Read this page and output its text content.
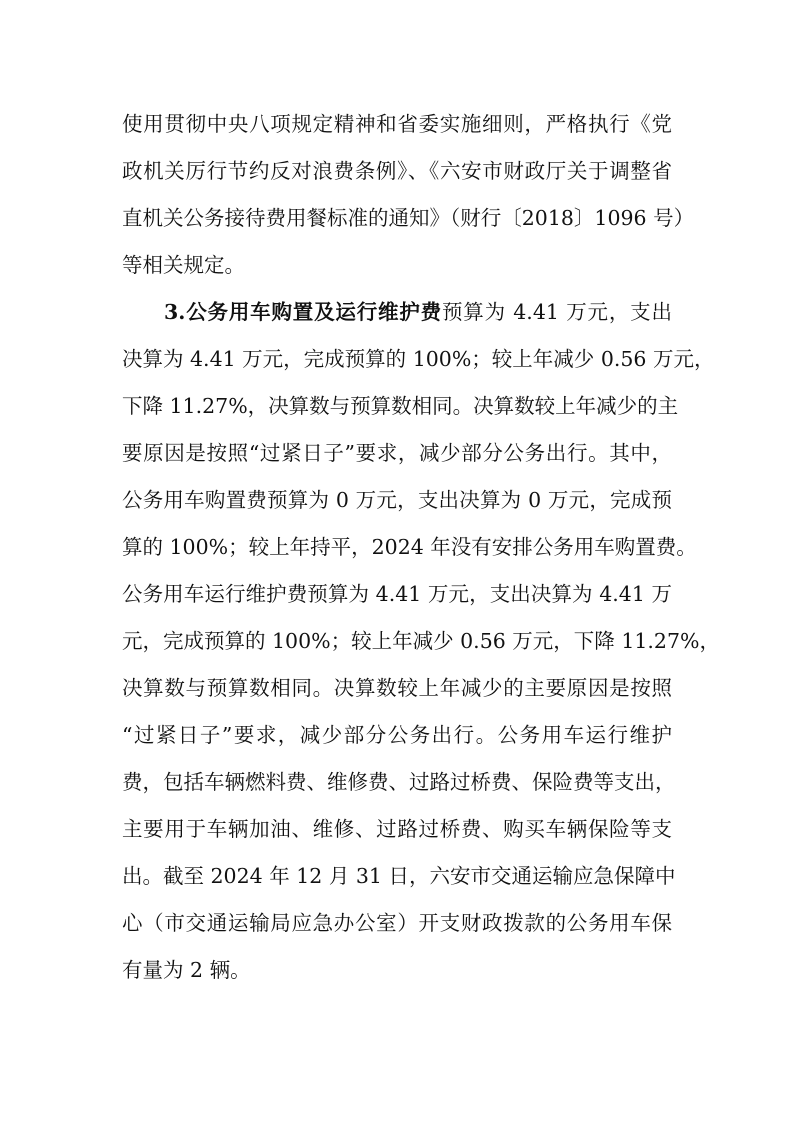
使用贯彻中央八项规定精神和省委实施细则，严格执行《党
政机关厉行节约反对浪费条例》、《六安市财政厅关于调整省
直机关公务接待费用餐标准的通知》（财行〔2018〕1096 号）
等相关规定。
3.公务用车购置及运行维护费预算为 4.41 万元，支出
决算为 4.41 万元，完成预算的 100%；较上年减少 0.56 万元，
下降 11.27%，决算数与预算数相同。决算数较上年减少的主
要原因是按照“过紧日子”要求，减少部分公务出行。其中，
公务用车购置费预算为 0 万元，支出决算为 0 万元，完成预
算的 100%；较上年持平，2024 年没有安排公务用车购置费。
公务用车运行维护费预算为 4.41 万元，支出决算为 4.41 万
元，完成预算的 100%；较上年减少 0.56 万元，下降 11.27%，
决算数与预算数相同。决算数较上年减少的主要原因是按照
“过紧日子”要求，减少部分公务出行。公务用车运行维护
费，包括车辆燃料费、维修费、过路过桥费、保险费等支出，
主要用于车辆加油、维修、过路过桥费、购买车辆保险等支
出。截至 2024 年 12 月 31 日，六安市交通运输应急保障中
心（市交通运输局应急办公室）开支财政拨款的公务用车保
有量为 2 辆。
